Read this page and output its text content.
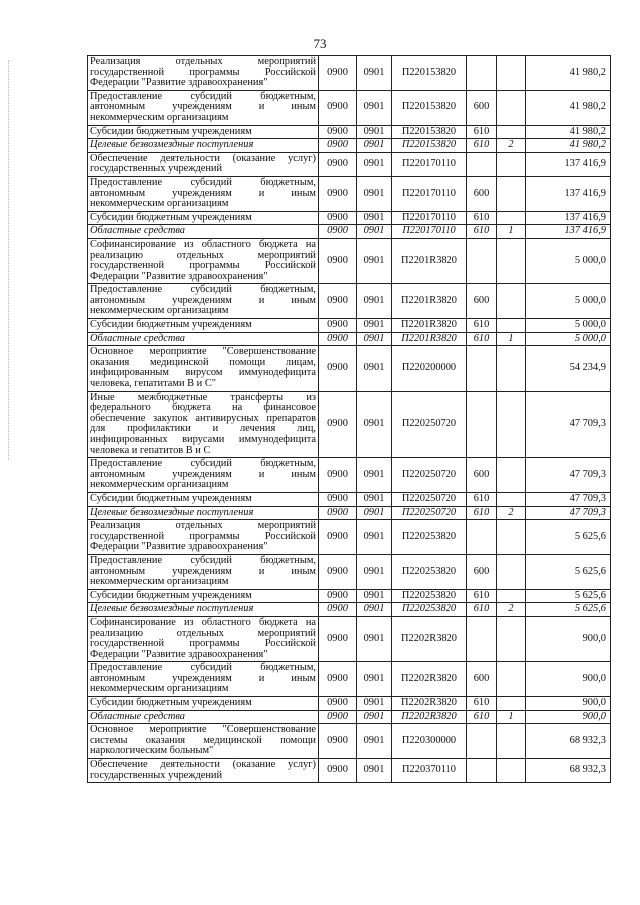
73
Реализация отдельных мероприятий государственной программы Российской Федерации "Развитие здравоохранения"	0900	0901	П220153820			41 980,2
Предоставление субсидий бюджетным, автономным учреждениям и иным некоммерческим организациям	0900	0901	П220153820	600		41 980,2
Субсидии бюджетным учреждениям	0900	0901	П220153820	610		41 980,2
Целевые безвозмездные поступления	0900	0901	П220153820	610	2	41 980,2
Обеспечение деятельности (оказание услуг) государственных учреждений	0900	0901	П220170110			137 416,9
Предоставление субсидий бюджетным, автономным учреждениям и иным некоммерческим организациям	0900	0901	П220170110	600		137 416,9
Субсидии бюджетным учреждениям	0900	0901	П220170110	610		137 416,9
Областные средства	0900	0901	П220170110	610	1	137 416,9
Софинансирование из областного бюджета на реализацию отдельных мероприятий государственной программы Российской Федерации "Развитие здравоохранения"	0900	0901	П2201R3820			5 000,0
Предоставление субсидий бюджетным, автономным учреждениям и иным некоммерческим организациям	0900	0901	П2201R3820	600		5 000,0
Субсидии бюджетным учреждениям	0900	0901	П2201R3820	610		5 000,0
Областные средства	0900	0901	П2201R3820	610	1	5 000,0
Основное мероприятие "Совершенствование оказания медицинской помощи лицам, инфицированным вирусом иммунодефицита человека, гепатитами В и С"	0900	0901	П220200000			54 234,9
Иные межбюджетные трансферты из федерального бюджета на финансовое обеспечение закупок антивирусных препаратов для профилактики и лечения лиц, инфицированных вирусами иммунодефицита человека и гепатитов В и С	0900	0901	П220250720			47 709,3
Предоставление субсидий бюджетным, автономным учреждениям и иным некоммерческим организациям	0900	0901	П220250720	600		47 709,3
Субсидии бюджетным учреждениям	0900	0901	П220250720	610		47 709,3
Целевые безвозмездные поступления	0900	0901	П220250720	610	2	47 709,3
Реализация отдельных мероприятий государственной программы Российской Федерации "Развитие здравоохранения"	0900	0901	П220253820			5 625,6
Предоставление субсидий бюджетным, автономным учреждениям и иным некоммерческим организациям	0900	0901	П220253820	600		5 625,6
Субсидии бюджетным учреждениям	0900	0901	П220253820	610		5 625,6
Целевые безвозмездные поступления	0900	0901	П220253820	610	2	5 625,6
Софинансирование из областного бюджета на реализацию отдельных мероприятий государственной программы Российской Федерации "Развитие здравоохранения"	0900	0901	П2202R3820			900,0
Предоставление субсидий бюджетным, автономным учреждениям и иным некоммерческим организациям	0900	0901	П2202R3820	600		900,0
Субсидии бюджетным учреждениям	0900	0901	П2202R3820	610		900,0
Областные средства	0900	0901	П2202R3820	610	1	900,0
Основное мероприятие "Совершенствование системы оказания медицинской помощи наркологическим больным"	0900	0901	П220300000			68 932,3
Обеспечение деятельности (оказание услуг) государственных учреждений	0900	0901	П220370110			68 932,3
